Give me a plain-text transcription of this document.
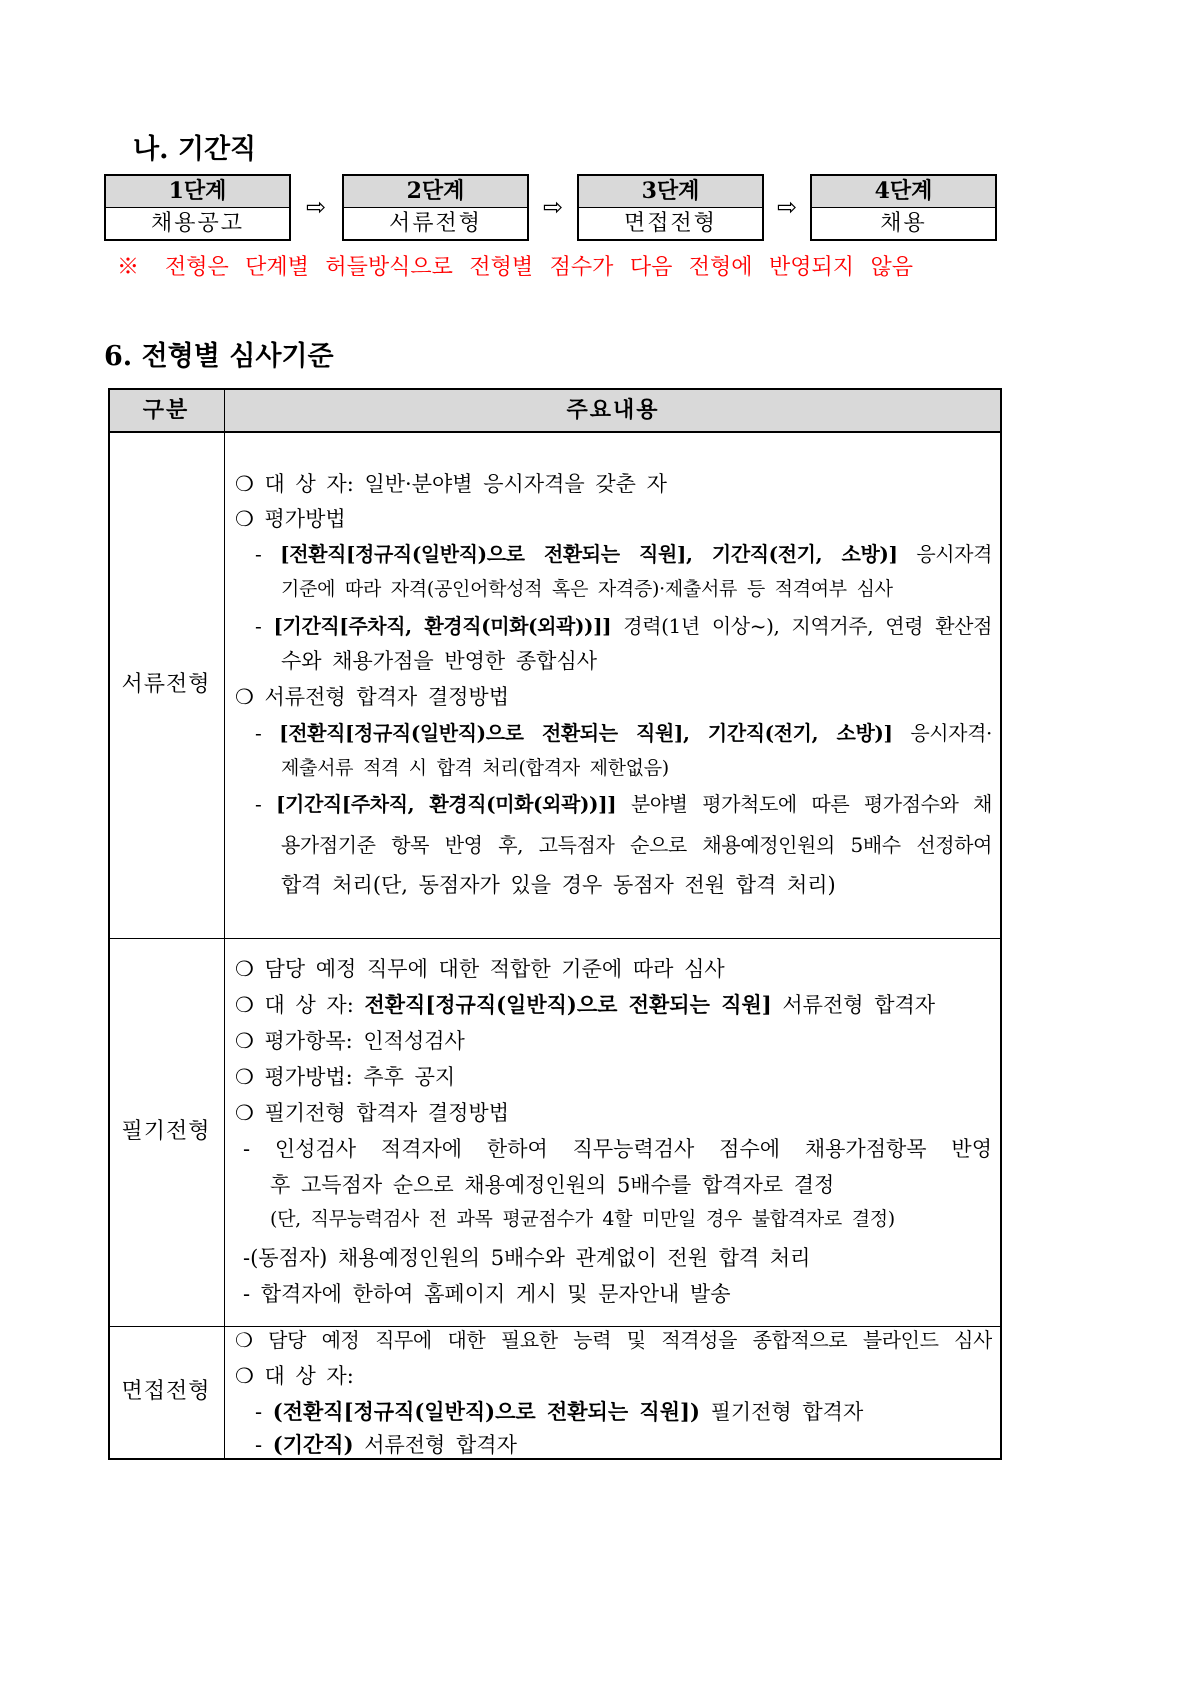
나. 기간직
1단계
채용공고
⇨
2단계
서류전형
⇨
3단계
면접전형
⇨
4단계
채용
※ 전형은 단계별 허들방식으로 전형별 점수가 다음 전형에 반영되지 않음
6. 전형별 심사기준
구분	주요내용
서류전형
❍ 대 상 자: 일반·분야별 응시자격을 갖춘 자
❍ 평가방법
- [전환직[정규직(일반직)으로 전환되는 직원], 기간직(전기, 소방)] 응시자격
기준에 따라 자격(공인어학성적 혹은 자격증)·제출서류 등 적격여부 심사
- [기간직[주차직, 환경직(미화(외곽))]] 경력(1년 이상~), 지역거주, 연령 환산점
수와 채용가점을 반영한 종합심사
❍ 서류전형 합격자 결정방법
- [전환직[정규직(일반직)으로 전환되는 직원], 기간직(전기, 소방)] 응시자격·
제출서류 적격 시 합격 처리(합격자 제한없음)
- [기간직[주차직, 환경직(미화(외곽))]] 분야별 평가척도에 따른 평가점수와 채
용가점기준 항목 반영 후, 고득점자 순으로 채용예정인원의 5배수 선정하여
합격 처리(단, 동점자가 있을 경우 동점자 전원 합격 처리)
필기전형
❍ 담당 예정 직무에 대한 적합한 기준에 따라 심사
❍ 대 상 자: 전환직[정규직(일반직)으로 전환되는 직원] 서류전형 합격자
❍ 평가항목: 인적성검사
❍ 평가방법: 추후 공지
❍ 필기전형 합격자 결정방법
- 인성검사 적격자에 한하여 직무능력검사 점수에 채용가점항목 반영
후 고득점자 순으로 채용예정인원의 5배수를 합격자로 결정
(단, 직무능력검사 전 과목 평균점수가 4할 미만일 경우 불합격자로 결정)
-(동점자) 채용예정인원의 5배수와 관계없이 전원 합격 처리
- 합격자에 한하여 홈페이지 게시 및 문자안내 발송
면접전형
❍ 담당 예정 직무에 대한 필요한 능력 및 적격성을 종합적으로 블라인드 심사
❍ 대 상 자:
- (전환직[정규직(일반직)으로 전환되는 직원]) 필기전형 합격자
- (기간직) 서류전형 합격자
